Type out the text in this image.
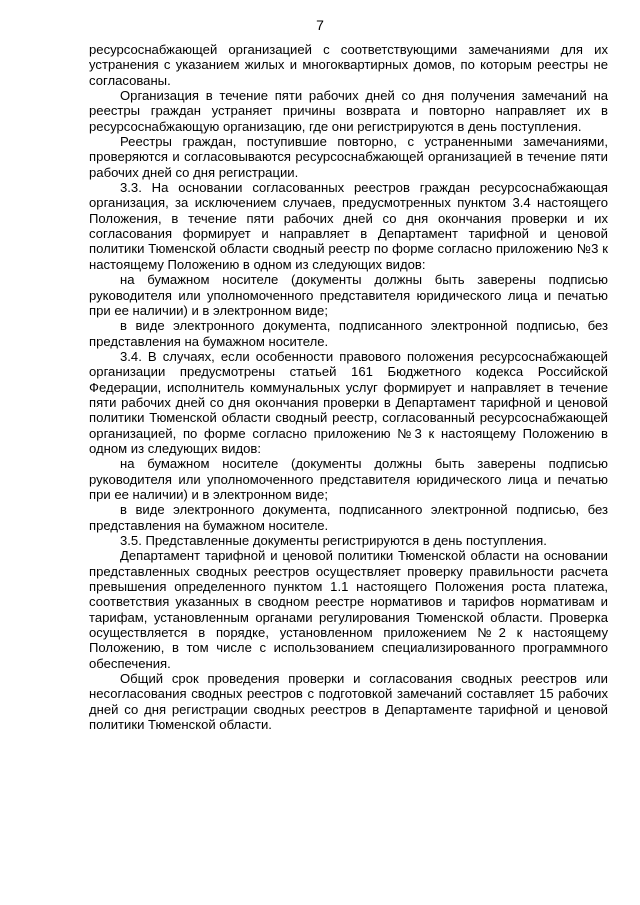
7

ресурсоснабжающей организацией с соответствующими замечаниями для их устранения с указанием жилых и многоквартирных домов, по которым реестры не согласованы.

Организация в течение пяти рабочих дней со дня получения замечаний на реестры граждан устраняет причины возврата и повторно направляет их в ресурсоснабжающую организацию, где они регистрируются в день поступления.

Реестры граждан, поступившие повторно, с устраненными замечаниями, проверяются и согласовываются ресурсоснабжающей организацией в течение пяти рабочих дней со дня регистрации.

3.3. На основании согласованных реестров граждан ресурсоснабжающая организация, за исключением случаев, предусмотренных пунктом 3.4 настоящего Положения, в течение пяти рабочих дней со дня окончания проверки и их согласования формирует и направляет в Департамент тарифной и ценовой политики Тюменской области сводный реестр по форме согласно приложению №3 к настоящему Положению в одном из следующих видов:

на бумажном носителе (документы должны быть заверены подписью руководителя или уполномоченного представителя юридического лица и печатью при ее наличии) и в электронном виде;

в виде электронного документа, подписанного электронной подписью, без представления на бумажном носителе.

3.4. В случаях, если особенности правового положения ресурсоснабжающей организации предусмотрены статьей 161 Бюджетного кодекса Российской Федерации, исполнитель коммунальных услуг формирует и направляет в течение пяти рабочих дней со дня окончания проверки в Департамент тарифной и ценовой политики Тюменской области сводный реестр, согласованный ресурсоснабжающей организацией, по форме согласно приложению №3 к настоящему Положению в одном из следующих видов:

на бумажном носителе (документы должны быть заверены подписью руководителя или уполномоченного представителя юридического лица и печатью при ее наличии) и в электронном виде;

в виде электронного документа, подписанного электронной подписью, без представления на бумажном носителе.

3.5. Представленные документы регистрируются в день поступления.

Департамент тарифной и ценовой политики Тюменской области на основании представленных сводных реестров осуществляет проверку правильности расчета превышения определенного пунктом 1.1 настоящего Положения роста платежа, соответствия указанных в сводном реестре нормативов и тарифов нормативам и тарифам, установленным органами регулирования Тюменской области. Проверка осуществляется в порядке, установленном приложением №2 к настоящему Положению, в том числе с использованием специализированного программного обеспечения.

Общий срок проведения проверки и согласования сводных реестров или несогласования сводных реестров с подготовкой замечаний составляет 15 рабочих дней со дня регистрации сводных реестров в Департаменте тарифной и ценовой политики Тюменской области.
